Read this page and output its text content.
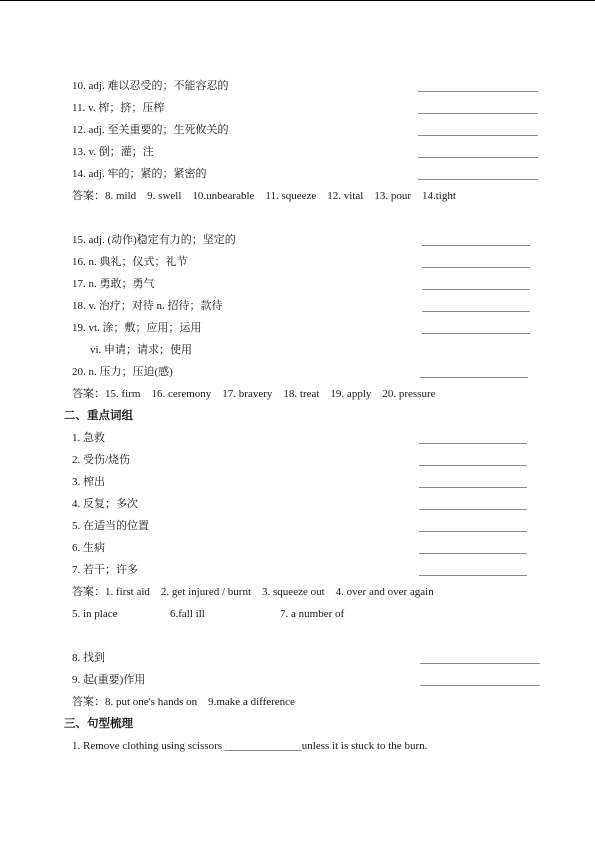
10. adj. 难以忍受的；不能容忍的
11. v. 榨；挤；压榨
12. adj. 至关重要的；生死攸关的
13. v. 倒；灌；注
14. adj. 牢的；紧的；紧密的
答案：8. mild    9. swell    10.unbearable    11. squeeze    12. vital    13. pour    14.tight
15. adj. (动作)稳定有力的；坚定的
16. n. 典礼；仪式；礼节
17. n. 勇敢；勇气
18. v. 治疗；对待 n. 招待；款待
19. vt. 涂；敷；应用；运用
vi. 申请；请求；使用
20. n. 压力；压迫(感)
答案：15. firm    16. ceremony    17. bravery    18. treat    19. apply    20. pressure
二、重点词组
1. 急救
2. 受伤/烧伤
3. 榨出
4. 反复；多次
5. 在适当的位置
6. 生病
7. 若干；许多
答案：1. first aid    2. get injured / burnt    3. squeeze out    4. over and over again
5. in place	6.fall ill	7. a number of
8. 找到
9. 起(重要)作用
答案：8. put one's hands on    9.make a difference
三、句型梳理
1. Remove clothing using scissors ______________unless it is stuck to the burn.
